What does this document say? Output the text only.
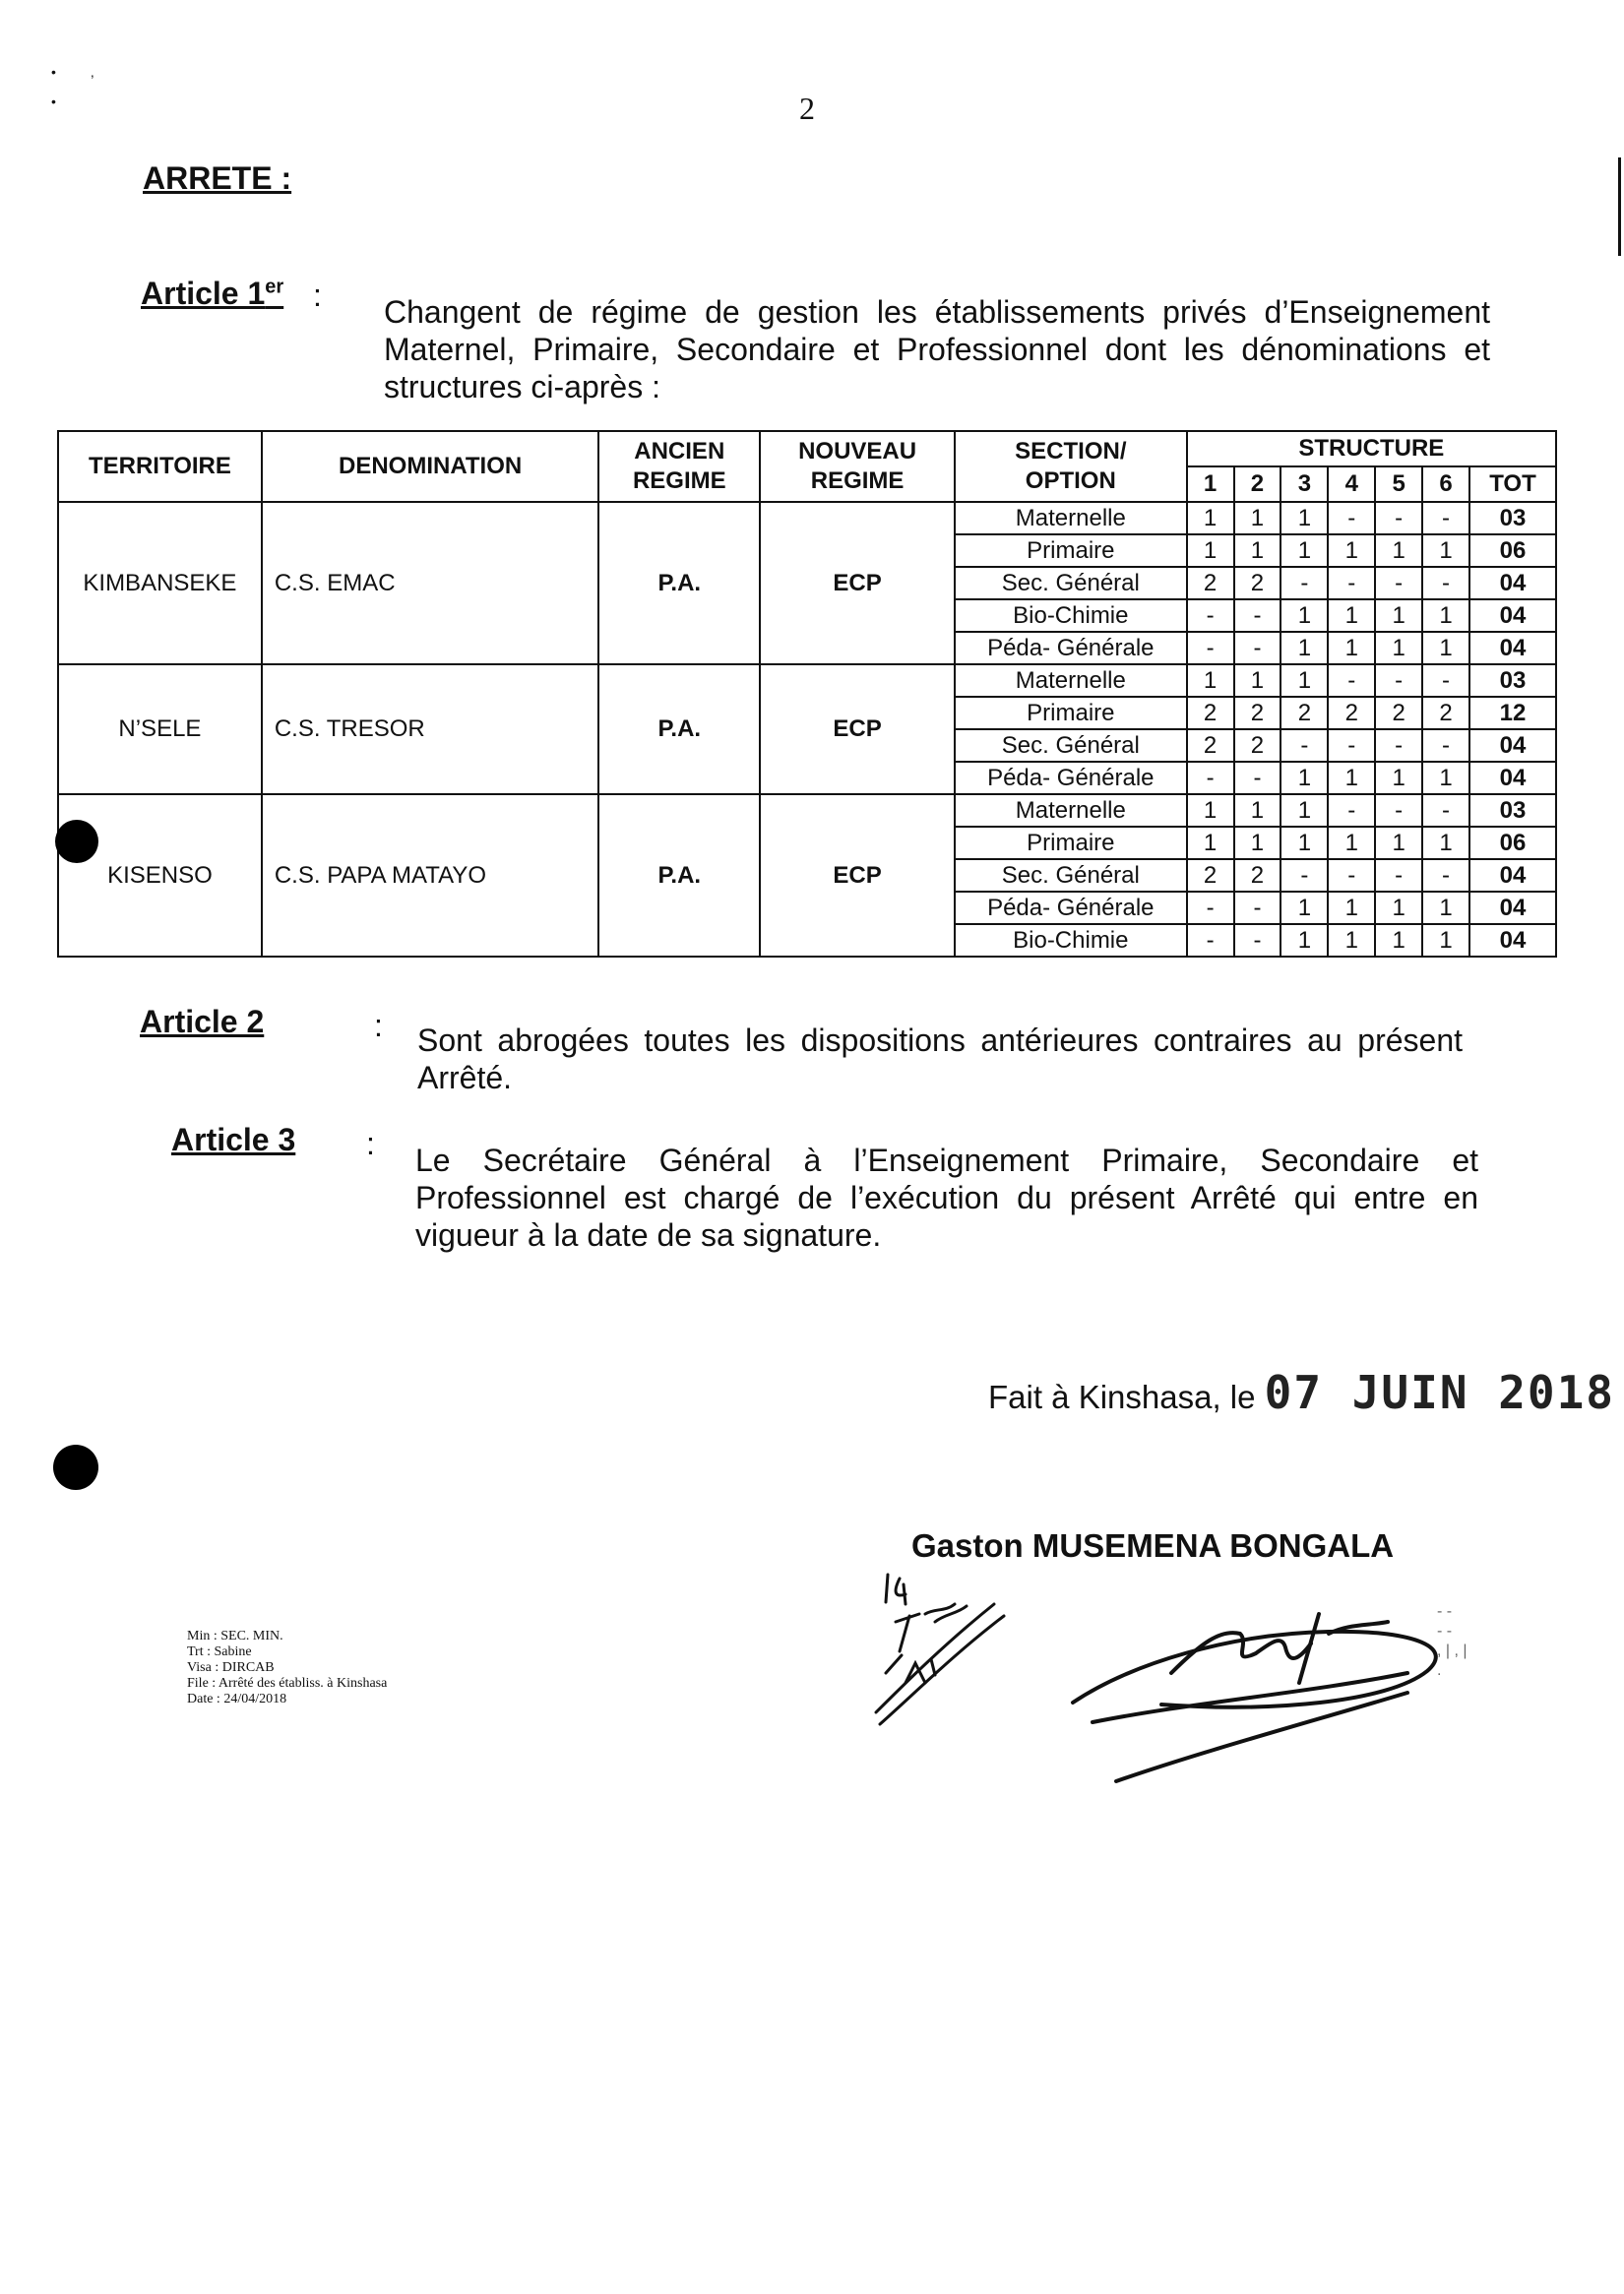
2
•         ,
•
ARRETE :
Article 1er : Changent de régime de gestion les établissements privés d’Enseignement Maternel, Primaire, Secondaire et Professionnel dont les dénominations et structures ci-après :
TERRITOIRE	DENOMINATION	ANCIEN REGIME	NOUVEAU REGIME	SECTION/ OPTION	STRUCTURE						
					1	2	3	4	5	6	TOT
KIMBANSEKE	C.S. EMAC	P.A.	ECP	Maternelle	1	1	1	-	-	-	03
				Primaire	1	1	1	1	1	1	06
				Sec. Général	2	2	-	-	-	-	04
				Bio-Chimie	-	-	1	1	1	1	04
				Péda- Générale	-	-	1	1	1	1	04
N’SELE	C.S. TRESOR	P.A.	ECP	Maternelle	1	1	1	-	-	-	03
				Primaire	2	2	2	2	2	2	12
				Sec. Général	2	2	-	-	-	-	04
				Péda- Générale	-	-	1	1	1	1	04
KISENSO	C.S. PAPA MATAYO	P.A.	ECP	Maternelle	1	1	1	-	-	-	03
				Primaire	1	1	1	1	1	1	06
				Sec. Général	2	2	-	-	-	-	04
				Péda- Générale	-	-	1	1	1	1	04
				Bio-Chimie	-	-	1	1	1	1	04
Article 2	: Sont abrogées toutes les dispositions antérieures contraires au présent Arrêté.
Article 3 : Le Secrétaire Général à l’Enseignement Primaire, Secondaire et Professionnel est chargé de l’exécution du présent Arrêté qui entre en vigueur à la date de sa signature.
Fait à Kinshasa, le 07 JUIN 2018
Gaston MUSEMENA BONGALA
- -
- -
, | , |
.
Min : SEC. MIN.
Trt : Sabine
Visa : DIRCAB
File : Arrêté des établiss. à Kinshasa
Date : 24/04/2018
